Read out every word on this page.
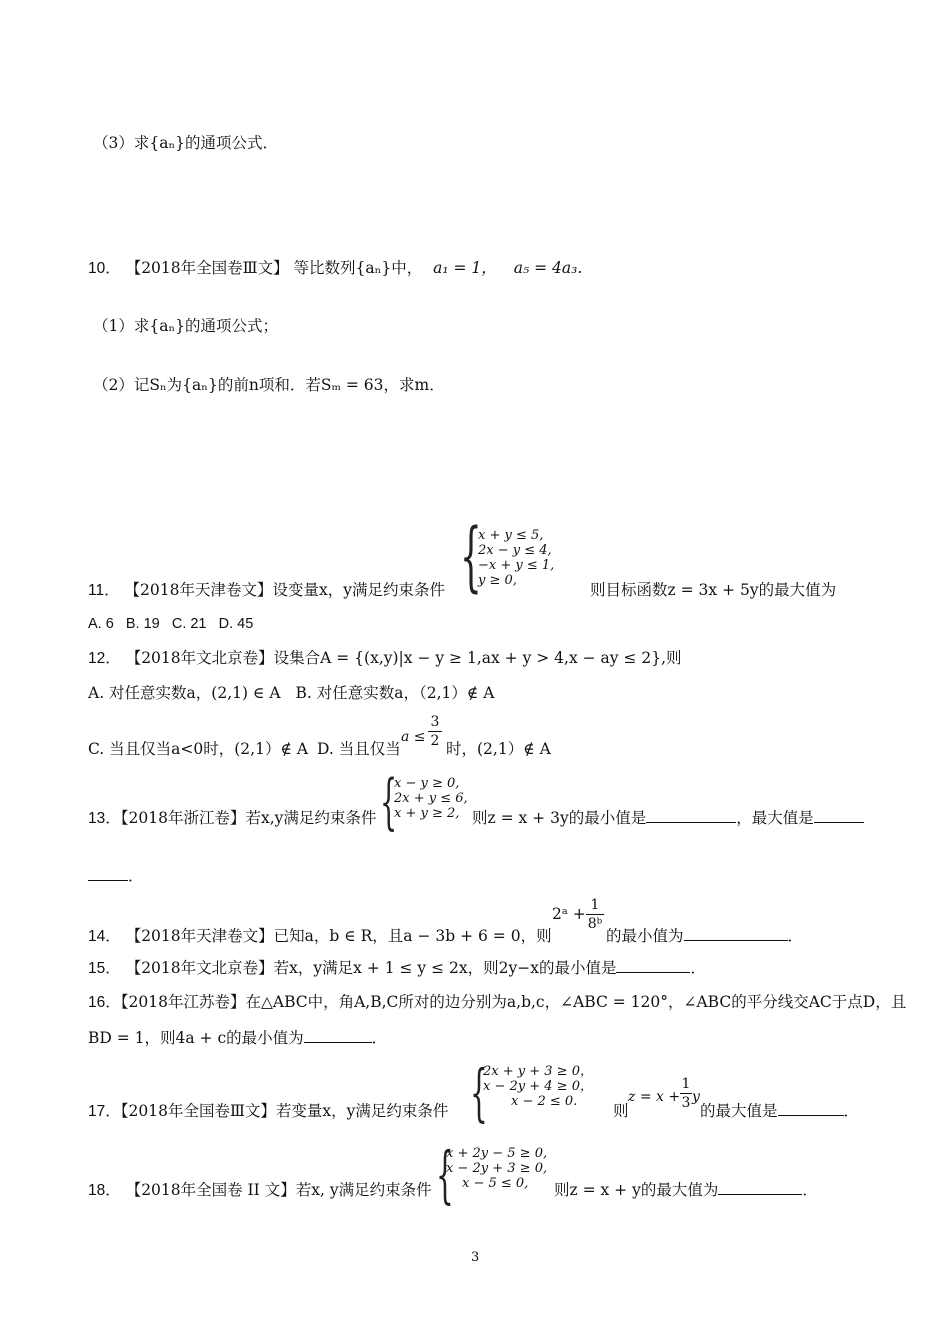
（3）求{aₙ}的通项公式．
10． 【2018年全国卷Ⅲ文】 等比数列{aₙ}中， a₁ = 1， a₅ = 4a₃.
（1）求{aₙ}的通项公式；
（2）记Sₙ为{aₙ}的前n项和．若Sₘ = 63，求m．
{
x + y ≤ 5,
2x − y ≤ 4,
−x + y ≤ 1,
y ≥ 0,
11． 【2018年天津卷文】设变量x，y满足约束条件	则目标函数z = 3x + 5y的最大值为
A. 6 B. 19 C. 21 D. 45
12． 【2018年文北京卷】设集合A = {(x,y)|x − y ≥ 1,ax + y > 4,x − ay ≤ 2},则
A. 对任意实数a，(2,1) ∈ A B. 对任意实数a，（2,1）∉ A
C. 当且仅当a<0时，(2,1）∉ A D. 当且仅当
a ≤
3
2 时，(2,1）∉ A
{
x − y ≥ 0,
2x + y ≤ 6,
x + y ≥ 2,
13．【2018年浙江卷】若x,y满足约束条件	则z = x + 3y的最小值是	，最大值是
．
14． 【2018年天津卷文】已知a，b ∈ R，且a − 3b + 6 = 0，则
2ᵃ + 1
8ᵇ
的最小值为	．
15． 【2018年文北京卷】若x，y满足x + 1 ≤ y ≤ 2x，则2y−x的最小值是	．
16．【2018年江苏卷】在△ABC中，角A,B,C所对的边分别为a,b,c，∠ABC = 120°，∠ABC的平分线交AC于点D，且
BD = 1，则4a + c的最小值为	．
{
2x + y + 3 ≥ 0，
x − 2y + 4 ≥ 0，
x − 2 ≤ 0.
17．【2018年全国卷Ⅲ文】若变量x，y满足约束条件	则
z = x +
1
3 y
的最大值是	．
{
x + 2y − 5 ≥ 0,
x − 2y + 3 ≥ 0,
x − 5 ≤ 0,
18． 【2018年全国卷 II 文】若x, y满足约束条件	则z = x + y的最大值为	．
3
